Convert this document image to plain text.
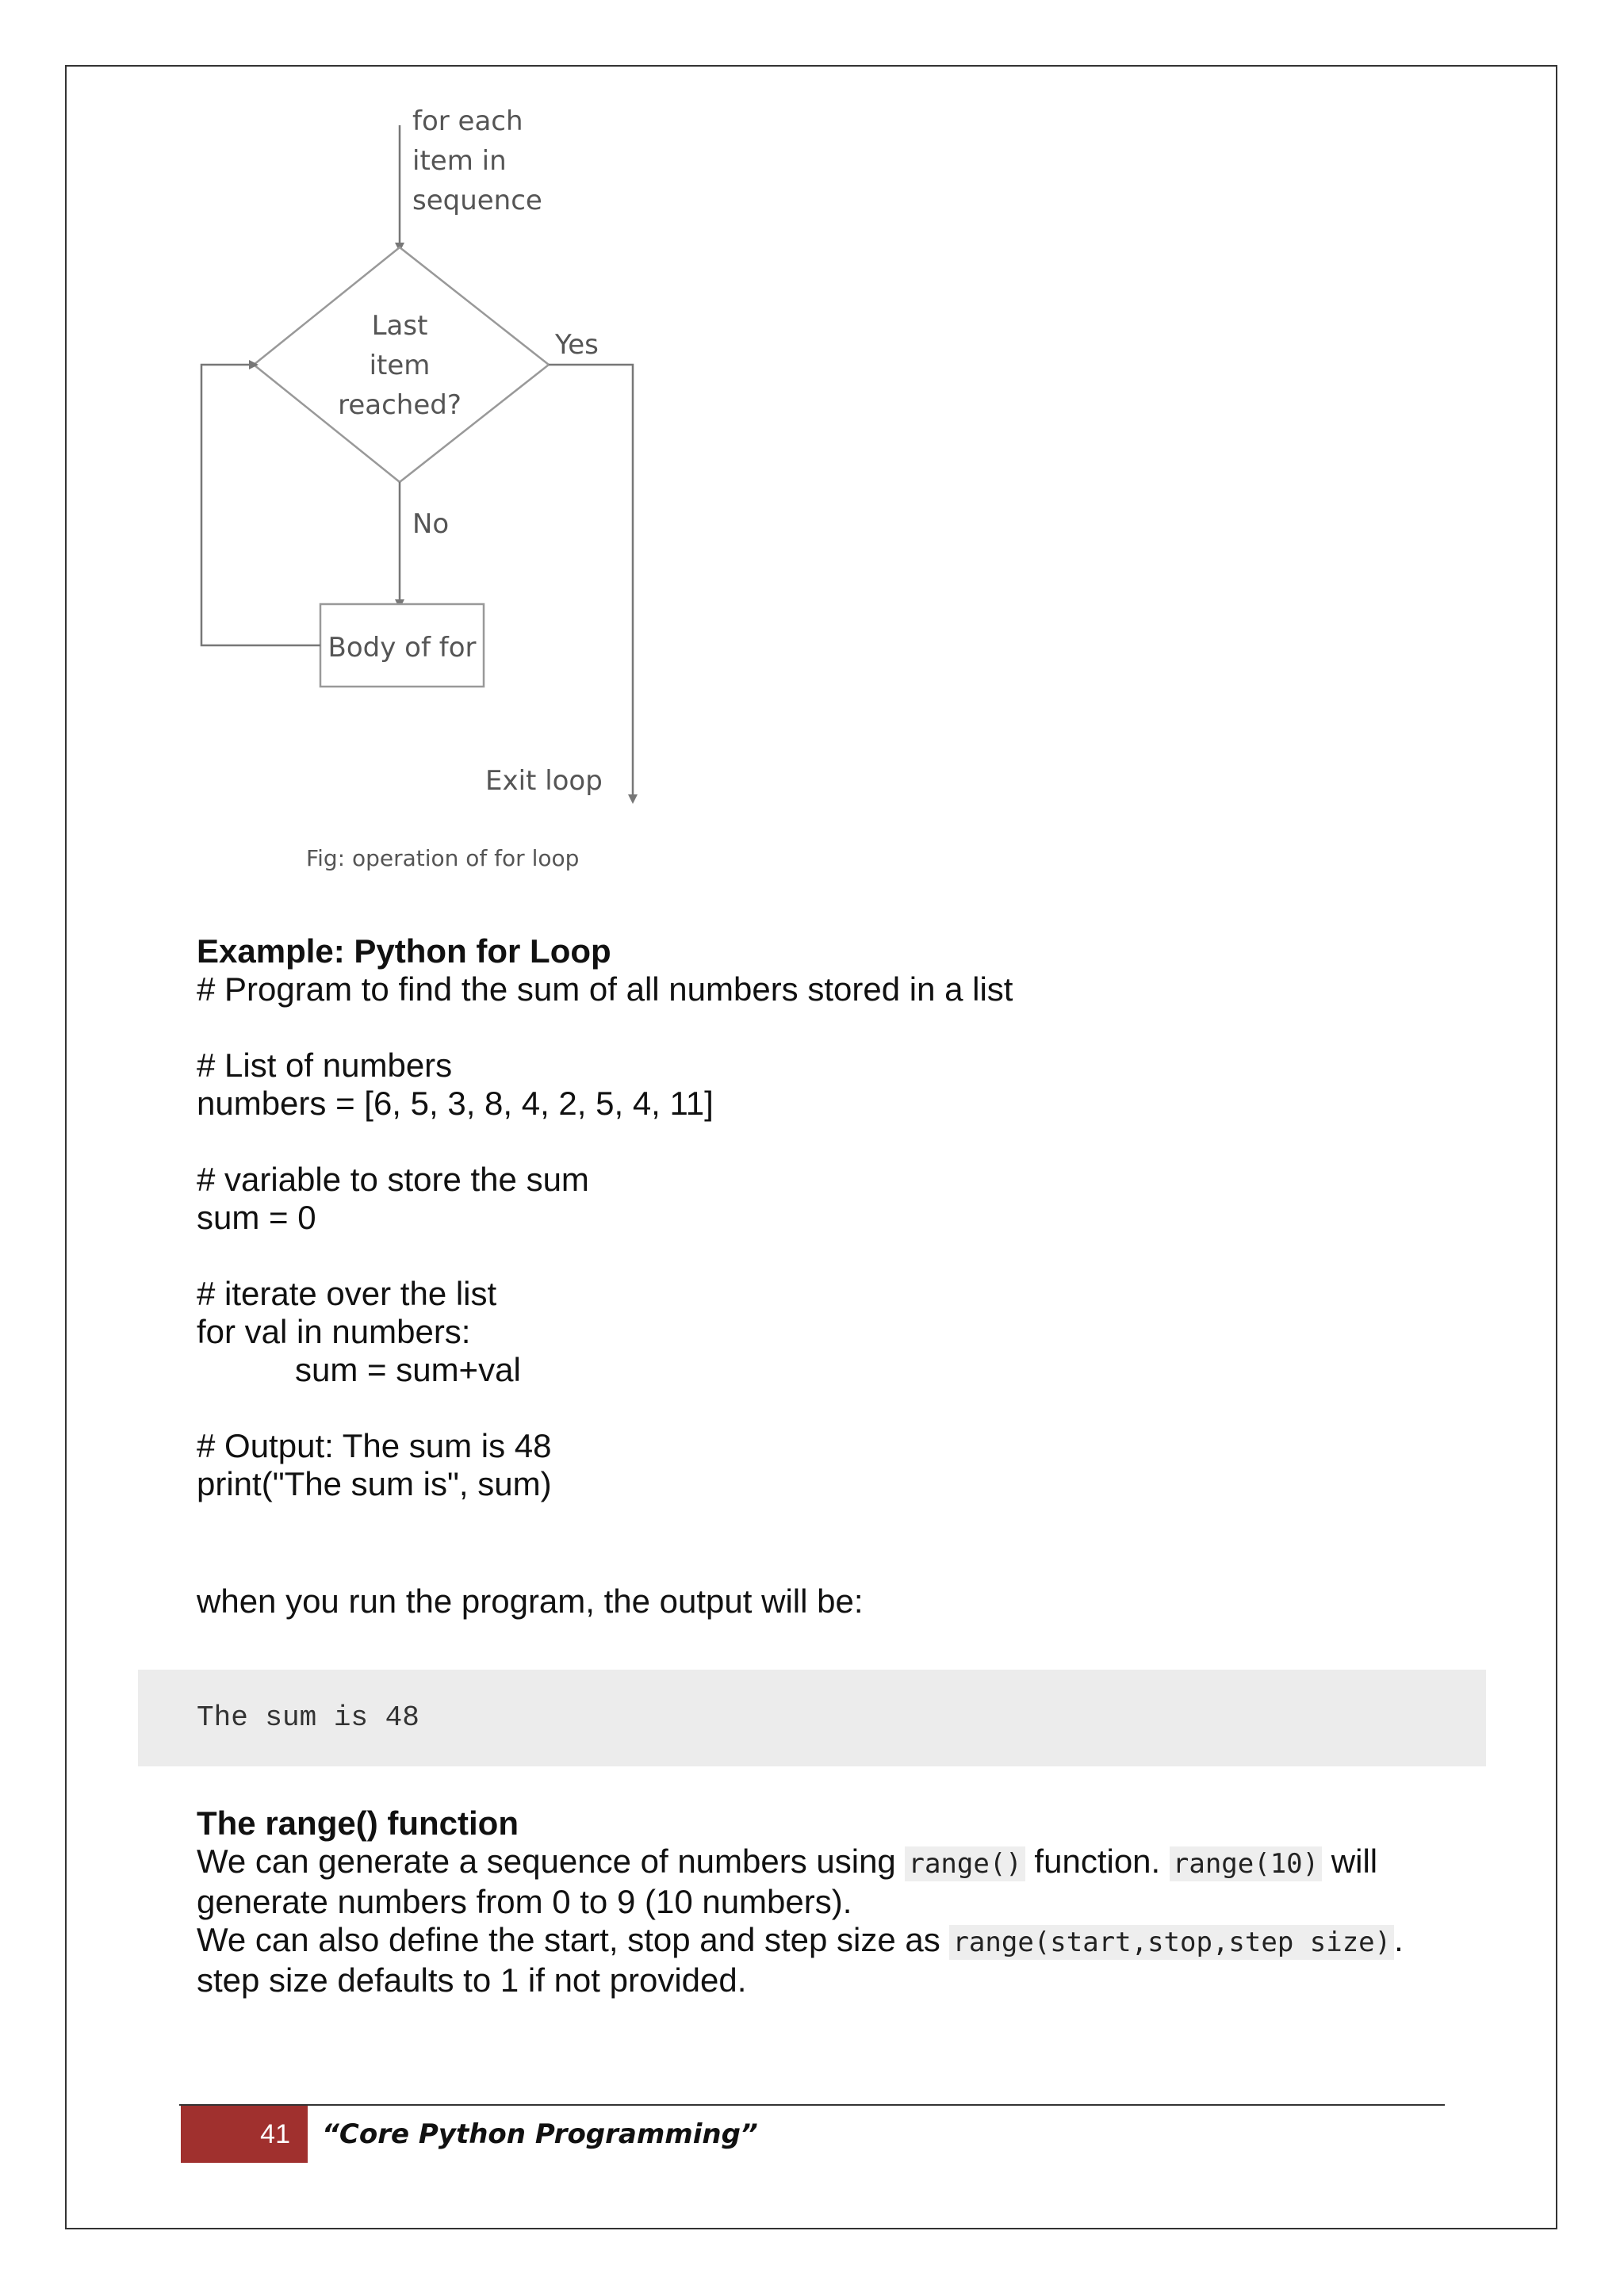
for each
item in
sequence
Last
item
reached?
Yes
Exit loop
No
Body of for
Fig: operation of for loop

Example: Python for Loop

# Program to find the sum of all numbers stored in a list

# List of numbers

numbers = [6, 5, 3, 8, 4, 2, 5, 4, 11]

# variable to store the sum

sum = 0

# iterate over the list

for val in numbers:

sum = sum+val

# Output: The sum is 48

print("The sum is", sum)

when you run the program, the output will be:

The sum is 48

The range() function

We can generate a sequence of numbers using range() function. range(10) will

generate numbers from 0 to 9 (10 numbers).

We can also define the start, stop and step size as range(start,stop,step size).

step size defaults to 1 if not provided.

41	“Core Python Programming”
